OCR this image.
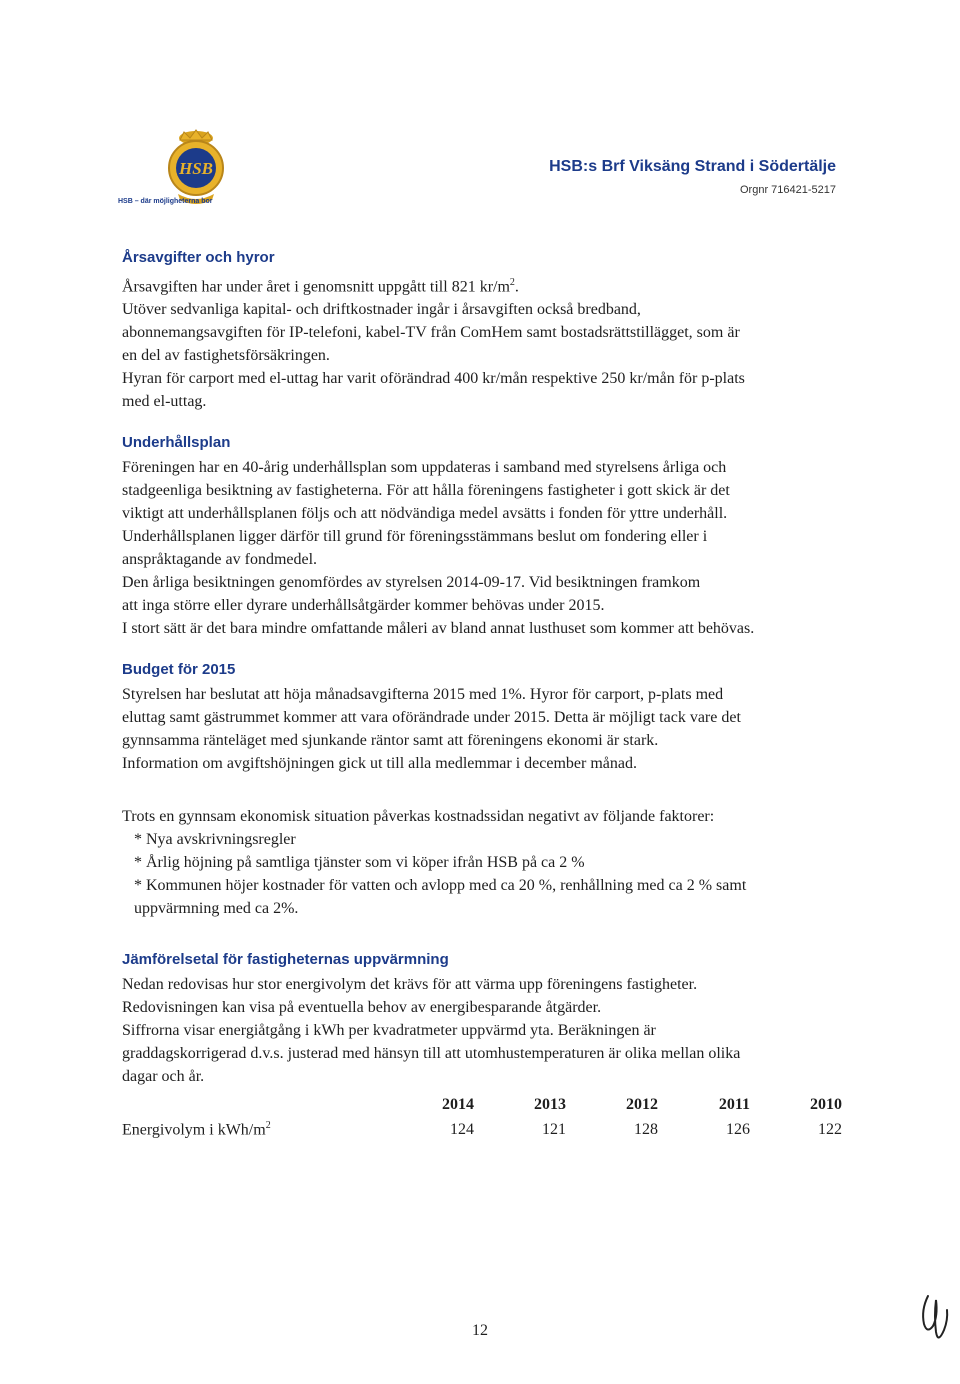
HSB
HSB – där möjligheterna bor
HSB:s Brf Viksäng Strand i Södertälje
Orgnr 716421-5217
Årsavgifter och hyror

Årsavgiften har under året i genomsnitt uppgått till 821 $kr/m^2$.

Utöver sedvanliga kapital- och driftkostnader ingår i årsavgiften också bredband,

abonnemangsavgiften för IP-telefoni, kabel-TV från ComHem samt bostadsrättstillägget, som är

en del av fastighetsförsäkringen.

Hyran för carport med el-uttag har varit oförändrad 400 kr/mån respektive 250 kr/mån för p-plats

med el-uttag.

Underhållsplan

Föreningen har en 40-årig underhållsplan som uppdateras i samband med styrelsens årliga och

stadgeenliga besiktning av fastigheterna. För att hålla föreningens fastigheter i gott skick är det

viktigt att underhållsplanen följs och att nödvändiga medel avsätts i fonden för yttre underhåll.

Underhållsplanen ligger därför till grund för föreningsstämmans beslut om fondering eller i

anspråktagande av fondmedel.

Den årliga besiktningen genomfördes av styrelsen 2014-09-17. Vid besiktningen framkom

att inga större eller dyrare underhållsåtgärder kommer behövas under 2015.

I stort sätt är det bara mindre omfattande måleri av bland annat lusthuset som kommer att behövas.

Budget för 2015

Styrelsen har beslutat att höja månadsavgifterna 2015 med 1%. Hyror för carport, p-plats med

eluttag samt gästrummet kommer att vara oförändrade under 2015. Detta är möjligt tack vare det

gynnsamma ränteläget med sjunkande räntor samt att föreningens ekonomi är stark.

Information om avgiftshöjningen gick ut till alla medlemmar i december månad.

Trots en gynnsam ekonomisk situation påverkas kostnadssidan negativt av följande faktorer:

* Nya avskrivningsregler

* Årlig höjning på samtliga tjänster som vi köper ifrån HSB på ca 2 %

* Kommunen höjer kostnader för vatten och avlopp med ca 20 %, renhållning med ca 2 % samt

uppvärmning med ca 2%.

Jämförelsetal för fastigheternas uppvärmning

Nedan redovisas hur stor energivolym det krävs för att värma upp föreningens fastigheter.

Redovisningen kan visa på eventuella behov av energibesparande åtgärder.

Siffrorna visar energiåtgång i kWh per kvadratmeter uppvärmd yta. Beräkningen är

graddagskorrigerad d.v.s. justerad med hänsyn till att utomhustemperaturen är olika mellan olika

dagar och år.

	2014	2013	2012	2011	2010
Energivolym i kWh/$m^2$	124	121	128	126	122
12
